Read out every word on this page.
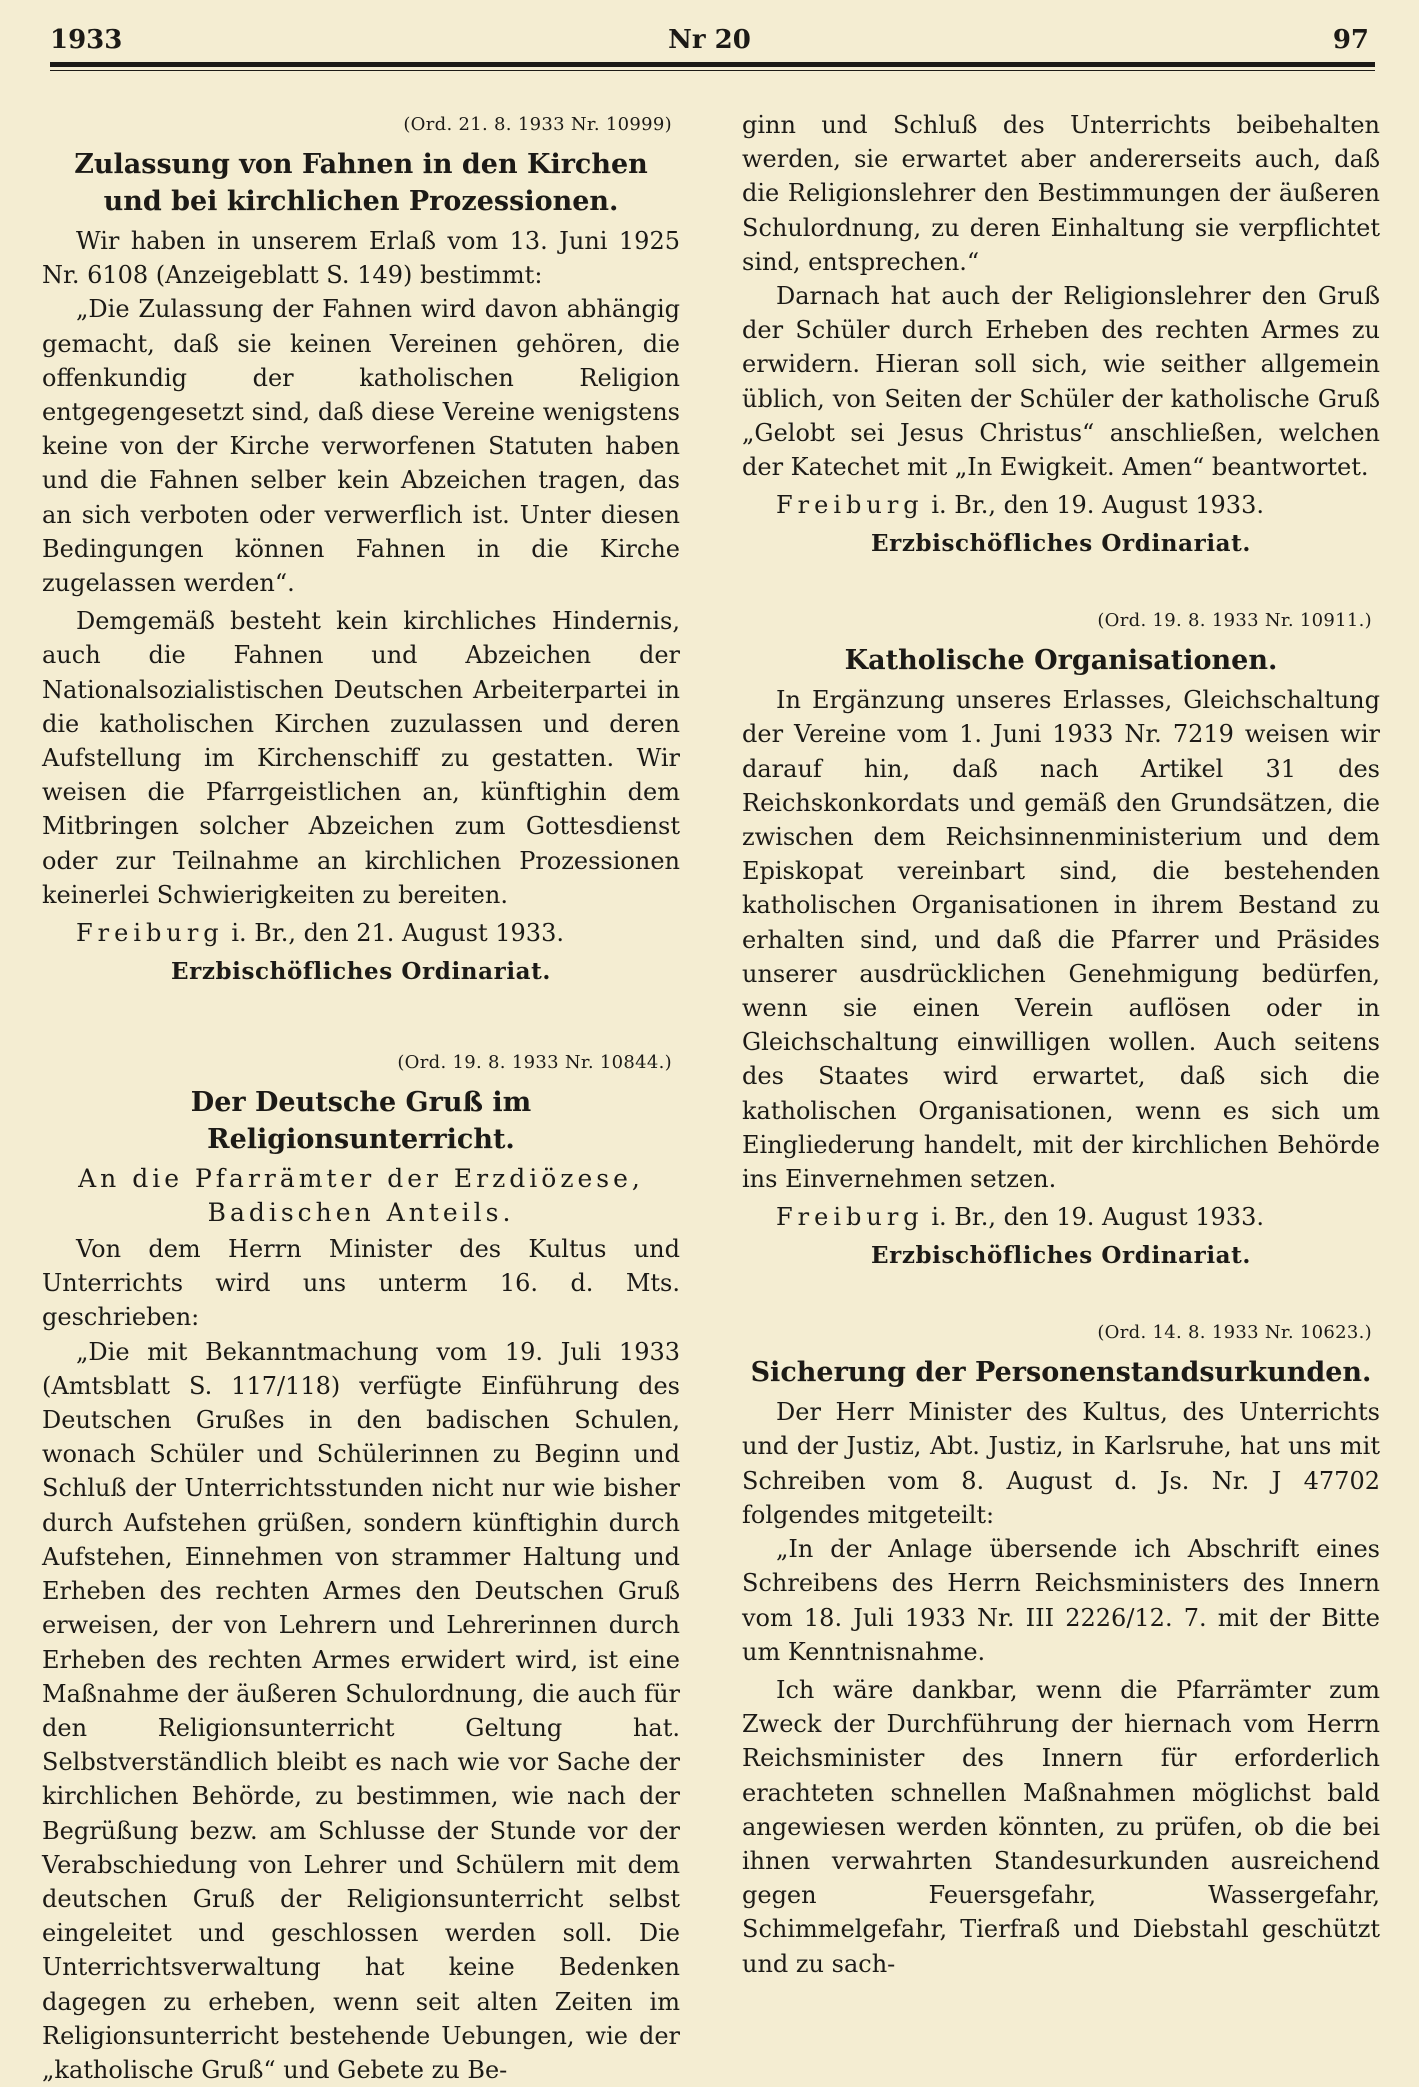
1933	Nr 20	97
(Ord. 21. 8. 1933 Nr. 10999)
Zulassung von Fahnen in den Kirchen und bei kirchlichen Prozessionen.

Wir haben in unserem Erlaß vom 13. Juni 1925 Nr. 6108 (Anzeigeblatt S. 149) bestimmt:

„Die Zulassung der Fahnen wird davon abhängig gemacht, daß sie keinen Vereinen gehören, die offenkundig der katholischen Religion entgegengesetzt sind, daß diese Vereine wenigstens keine von der Kirche verworfenen Statuten haben und die Fahnen selber kein Abzeichen tragen, das an sich verboten oder verwerflich ist. Unter diesen Bedingungen können Fahnen in die Kirche zugelassen werden“.

Demgemäß besteht kein kirchliches Hindernis, auch die Fahnen und Abzeichen der Nationalsozialistischen Deutschen Arbeiterpartei in die katholischen Kirchen zuzulassen und deren Aufstellung im Kirchenschiff zu gestatten. Wir weisen die Pfarrgeistlichen an, künftighin dem Mitbringen solcher Abzeichen zum Gottesdienst oder zur Teilnahme an kirchlichen Prozessionen keinerlei Schwierigkeiten zu bereiten.

Freiburg i. Br., den 21. August 1933.
Erzbischöfliches Ordinariat.
(Ord. 19. 8. 1933 Nr. 10844.)
Der Deutsche Gruß im Religionsunterricht.
An die Pfarrämter der Erzdiözese, Badischen Anteils.

Von dem Herrn Minister des Kultus und Unterrichts wird uns unterm 16. d. Mts. geschrieben:

„Die mit Bekanntmachung vom 19. Juli 1933 (Amtsblatt S. 117/118) verfügte Einführung des Deutschen Grußes in den badischen Schulen, wonach Schüler und Schülerinnen zu Beginn und Schluß der Unterrichtsstunden nicht nur wie bisher durch Aufstehen grüßen, sondern künftighin durch Aufstehen, Einnehmen von strammer Haltung und Erheben des rechten Armes den Deutschen Gruß erweisen, der von Lehrern und Lehrerinnen durch Erheben des rechten Armes erwidert wird, ist eine Maßnahme der äußeren Schulordnung, die auch für den Religionsunterricht Geltung hat. Selbstverständlich bleibt es nach wie vor Sache der kirchlichen Behörde, zu bestimmen, wie nach der Begrüßung bezw. am Schlusse der Stunde vor der Verabschiedung von Lehrer und Schülern mit dem deutschen Gruß der Religionsunterricht selbst eingeleitet und geschlossen werden soll. Die Unterrichtsverwaltung hat keine Bedenken dagegen zu erheben, wenn seit alten Zeiten im Religionsunterricht bestehende Uebungen, wie der „katholische Gruß“ und Gebete zu Be-

ginn und Schluß des Unterrichts beibehalten werden, sie erwartet aber andererseits auch, daß die Religionslehrer den Bestimmungen der äußeren Schulordnung, zu deren Einhaltung sie verpflichtet sind, entsprechen.“

Darnach hat auch der Religionslehrer den Gruß der Schüler durch Erheben des rechten Armes zu erwidern. Hieran soll sich, wie seither allgemein üblich, von Seiten der Schüler der katholische Gruß „Gelobt sei Jesus Christus“ anschließen, welchen der Katechet mit „In Ewigkeit. Amen“ beantwortet.

Freiburg i. Br., den 19. August 1933.
Erzbischöfliches Ordinariat.
(Ord. 19. 8. 1933 Nr. 10911.)
Katholische Organisationen.

In Ergänzung unseres Erlasses, Gleichschaltung der Vereine vom 1. Juni 1933 Nr. 7219 weisen wir darauf hin, daß nach Artikel 31 des Reichskonkordats und gemäß den Grundsätzen, die zwischen dem Reichsinnenministerium und dem Episkopat vereinbart sind, die bestehenden katholischen Organisationen in ihrem Bestand zu erhalten sind, und daß die Pfarrer und Präsides unserer ausdrücklichen Genehmigung bedürfen, wenn sie einen Verein auflösen oder in Gleichschaltung einwilligen wollen. Auch seitens des Staates wird erwartet, daß sich die katholischen Organisationen, wenn es sich um Eingliederung handelt, mit der kirchlichen Behörde ins Einvernehmen setzen.

Freiburg i. Br., den 19. August 1933.
Erzbischöfliches Ordinariat.
(Ord. 14. 8. 1933 Nr. 10623.)
Sicherung der Personenstandsurkunden.

Der Herr Minister des Kultus, des Unterrichts und der Justiz, Abt. Justiz, in Karlsruhe, hat uns mit Schreiben vom 8. August d. Js. Nr. J 47702 folgendes mitgeteilt:

„In der Anlage übersende ich Abschrift eines Schreibens des Herrn Reichsministers des Innern vom 18. Juli 1933 Nr. III 2226/12. 7. mit der Bitte um Kenntnisnahme.

Ich wäre dankbar, wenn die Pfarrämter zum Zweck der Durchführung der hiernach vom Herrn Reichsminister des Innern für erforderlich erachteten schnellen Maßnahmen möglichst bald angewiesen werden könnten, zu prüfen, ob die bei ihnen verwahrten Standesurkunden ausreichend gegen Feuersgefahr, Wassergefahr, Schimmelgefahr, Tierfraß und Diebstahl geschützt und zu sach-
